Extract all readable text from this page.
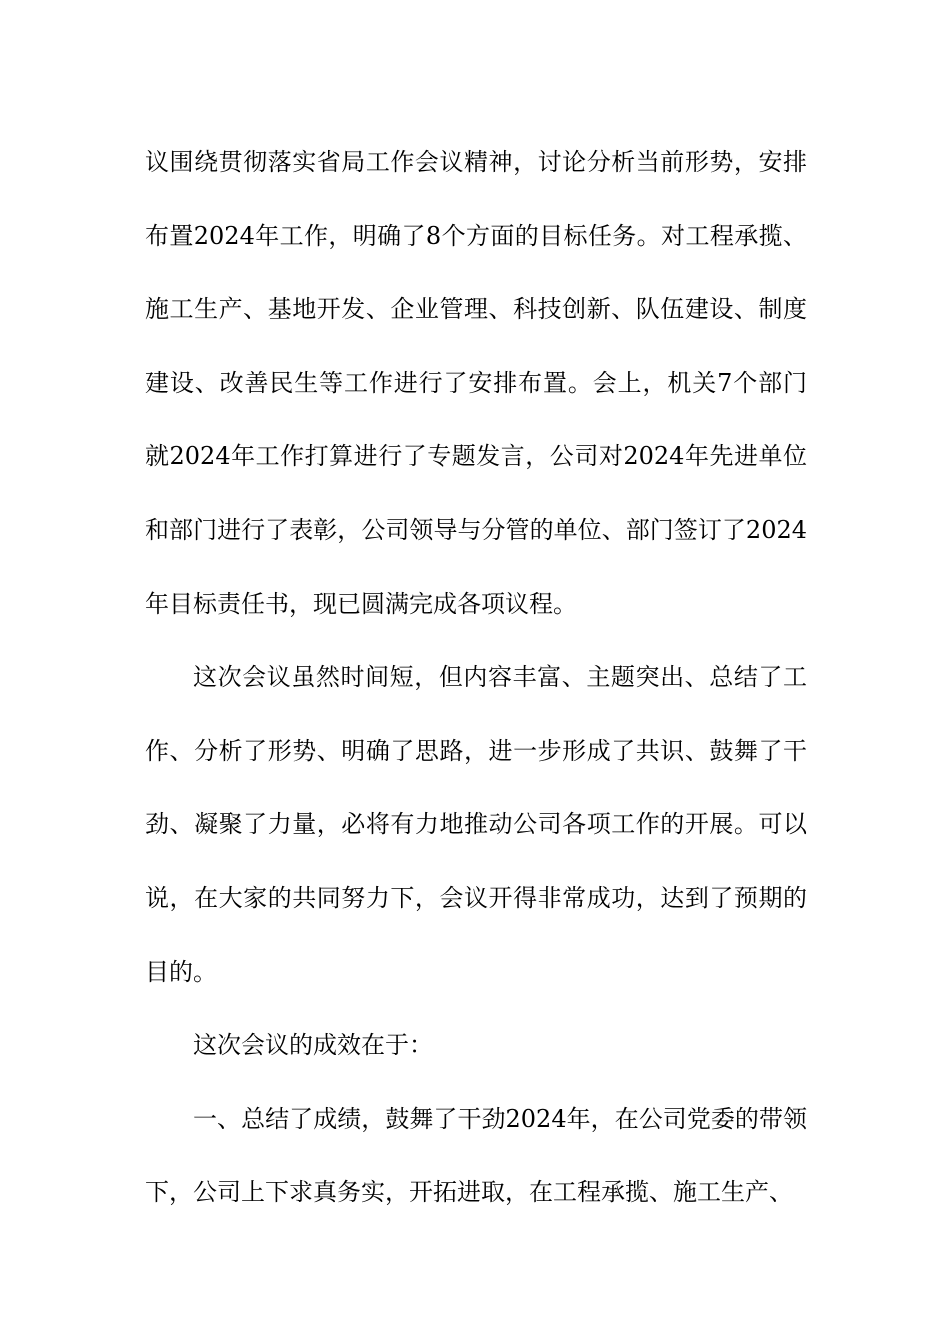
议围绕贯彻落实省局工作会议精神，讨论分析当前形势，安排布置2024年工作，明确了8个方面的目标任务。对工程承揽、施工生产、基地开发、企业管理、科技创新、队伍建设、制度建设、改善民生等工作进行了安排布置。会上，机关7个部门就2024年工作打算进行了专题发言，公司对2024年先进单位和部门进行了表彰，公司领导与分管的单位、部门签订了2024年目标责任书，现已圆满完成各项议程。

这次会议虽然时间短，但内容丰富、主题突出、总结了工作、分析了形势、明确了思路，进一步形成了共识、鼓舞了干劲、凝聚了力量，必将有力地推动公司各项工作的开展。可以说，在大家的共同努力下，会议开得非常成功，达到了预期的目的。

这次会议的成效在于：

一、总结了成绩，鼓舞了干劲2024年，在公司党委的带领下，公司上下求真务实，开拓进取，在工程承揽、施工生产、
